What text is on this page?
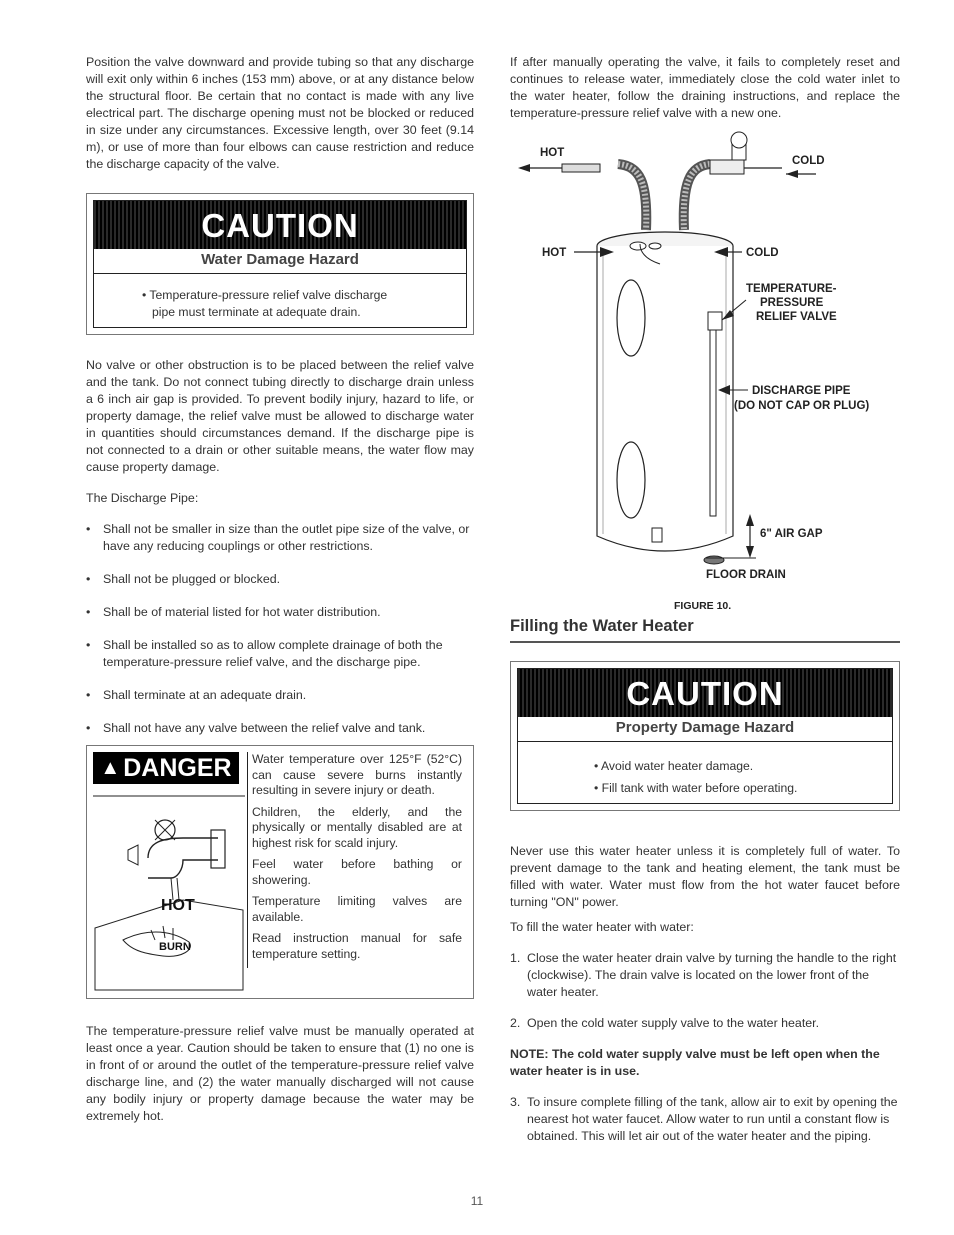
Position the valve downward and provide tubing so that any discharge will exit only within 6 inches (153 mm) above, or at any distance below the structural floor. Be certain that no contact is made with any live electrical part. The discharge opening must not be blocked or reduced in size under any circumstances. Excessive length, over 30 feet (9.14 m), or use of more than four elbows can cause restriction and reduce the discharge capacity of the valve.

CAUTION
Water Damage Hazard
• Temperature-pressure relief valve discharge
pipe must terminate at adequate drain.

No valve or other obstruction is to be placed between the relief valve and the tank. Do not connect tubing directly to discharge drain unless a 6 inch air gap is provided. To prevent bodily injury, hazard to life, or property damage, the relief valve must be allowed to discharge water in quantities should circumstances demand. If the discharge pipe is not connected to a drain or other suitable means, the water flow may cause property damage.

The Discharge Pipe:

• Shall not be smaller in size than the outlet pipe size of the valve, or have any reducing couplings or other restrictions.
• Shall not be plugged or blocked.
• Shall be of material listed for hot water distribution.
• Shall be installed so as to allow complete drainage of both the temperature-pressure relief valve, and the discharge pipe.
• Shall terminate at an adequate drain.
• Shall not have any valve between the relief valve and tank.
▲ DANGER
HOT
BURN

Water temperature over 125°F (52°C) can cause severe burns instantly resulting in severe injury or death.

Children, the elderly, and the physically or mentally disabled are at highest risk for scald injury.

Feel water before bathing or showering.

Temperature limiting valves are available.

Read instruction manual for safe temperature setting.

The temperature-pressure relief valve must be manually operated at least once a year. Caution should be taken to ensure that (1) no one is in front of or around the outlet of the temperature-pressure relief valve discharge line, and (2) the water manually discharged will not cause any bodily injury or property damage because the water may be extremely hot.

If after manually operating the valve, it fails to completely reset and continues to release water, immediately close the cold water inlet to the water heater, follow the draining instructions, and replace the temperature-pressure relief valve with a new one.

HOT
COLD
HOT	COLD
TEMPERATURE-
PRESSURE
RELIEF VALVE
DISCHARGE PIPE
(DO NOT CAP OR PLUG)
6" AIR GAP
FLOOR DRAIN
FIGURE 10.
Filling the Water Heater
CAUTION
Property Damage Hazard
• Avoid water heater damage.
• Fill tank with water before operating.

Never use this water heater unless it is completely full of water. To prevent damage to the tank and heating element, the tank must be filled with water. Water must flow from the hot water faucet before turning "ON" power.

To fill the water heater with water:

1. Close the water heater drain valve by turning the handle to the right (clockwise). The drain valve is located on the lower front of the water heater.
2. Open the cold water supply valve to the water heater.

NOTE: The cold water supply valve must be left open when the water heater is in use.

3. To insure complete filling of the tank, allow air to exit by opening the nearest hot water faucet. Allow water to run until a constant flow is obtained. This will let air out of the water heater and the piping.
11
